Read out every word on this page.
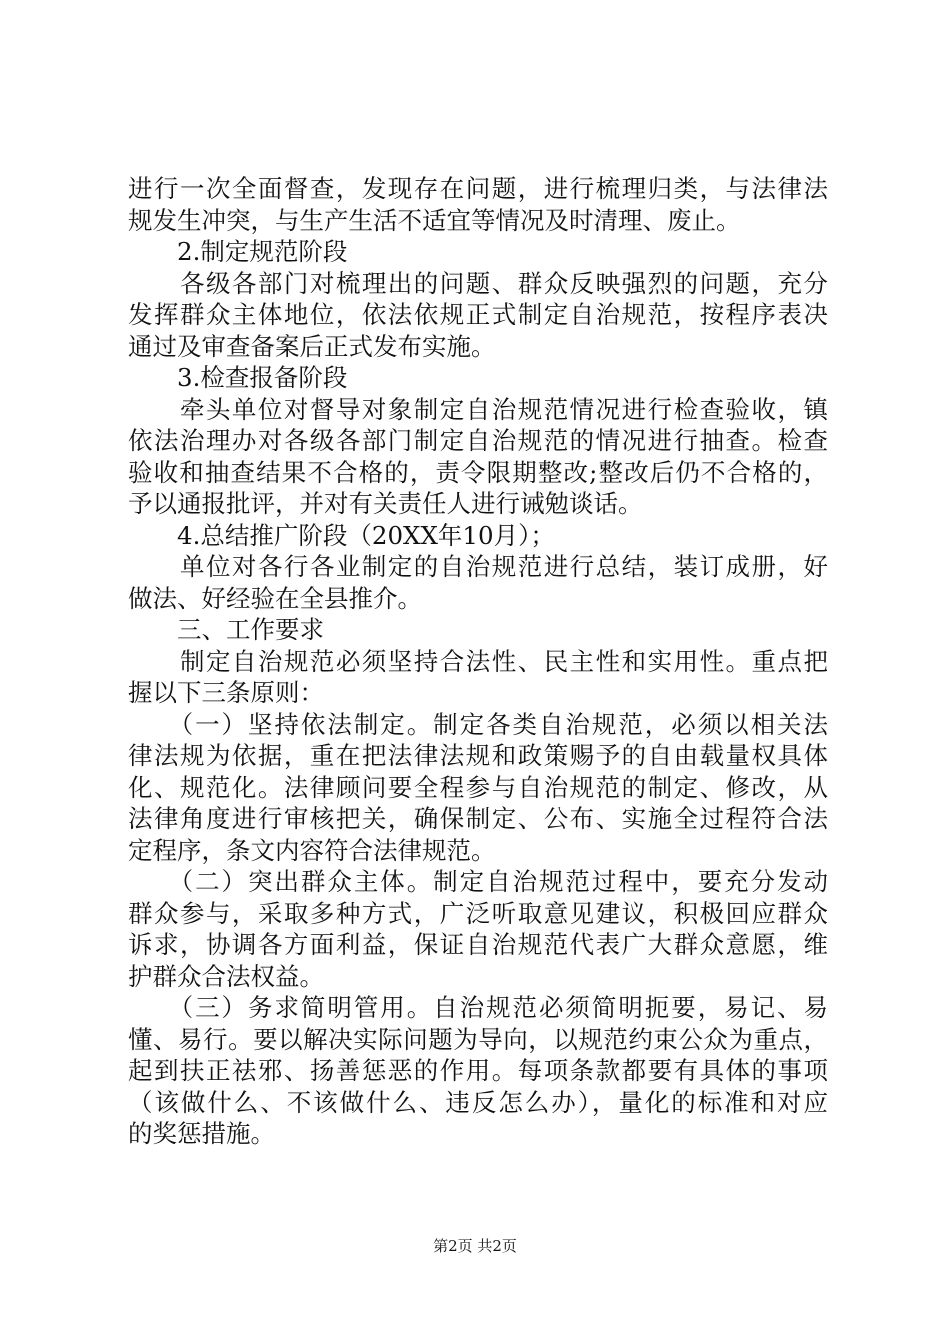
进行一次全面督查，发现存在问题，进行梳理归类，与法律法
规发生冲突，与生产生活不适宜等情况及时清理、废止。
　　2.制定规范阶段
　　各级各部门对梳理出的问题、群众反映强烈的问题，充分
发挥群众主体地位，依法依规正式制定自治规范，按程序表决
通过及审查备案后正式发布实施。
　　3.检查报备阶段
　　牵头单位对督导对象制定自治规范情况进行检查验收，镇
依法治理办对各级各部门制定自治规范的情况进行抽查。检查
验收和抽查结果不合格的，责令限期整改;整改后仍不合格的，
予以通报批评，并对有关责任人进行诫勉谈话。
　　4.总结推广阶段（20XX年10月）；
　　单位对各行各业制定的自治规范进行总结，装订成册，好
做法、好经验在全县推介。
　　三、工作要求
　　制定自治规范必须坚持合法性、民主性和实用性。重点把
握以下三条原则：
　　（一）坚持依法制定。制定各类自治规范，必须以相关法
律法规为依据，重在把法律法规和政策赐予的自由载量权具体
化、规范化。法律顾问要全程参与自治规范的制定、修改，从
法律角度进行审核把关，确保制定、公布、实施全过程符合法
定程序，条文内容符合法律规范。
　　（二）突出群众主体。制定自治规范过程中，要充分发动
群众参与，采取多种方式，广泛听取意见建议，积极回应群众
诉求，协调各方面利益，保证自治规范代表广大群众意愿，维
护群众合法权益。
　　（三）务求简明管用。自治规范必须简明扼要，易记、易
懂、易行。要以解决实际问题为导向，以规范约束公众为重点，
起到扶正祛邪、扬善惩恶的作用。每项条款都要有具体的事项
（该做什么、不该做什么、违反怎么办），量化的标准和对应
的奖惩措施。
第2页 共2页
